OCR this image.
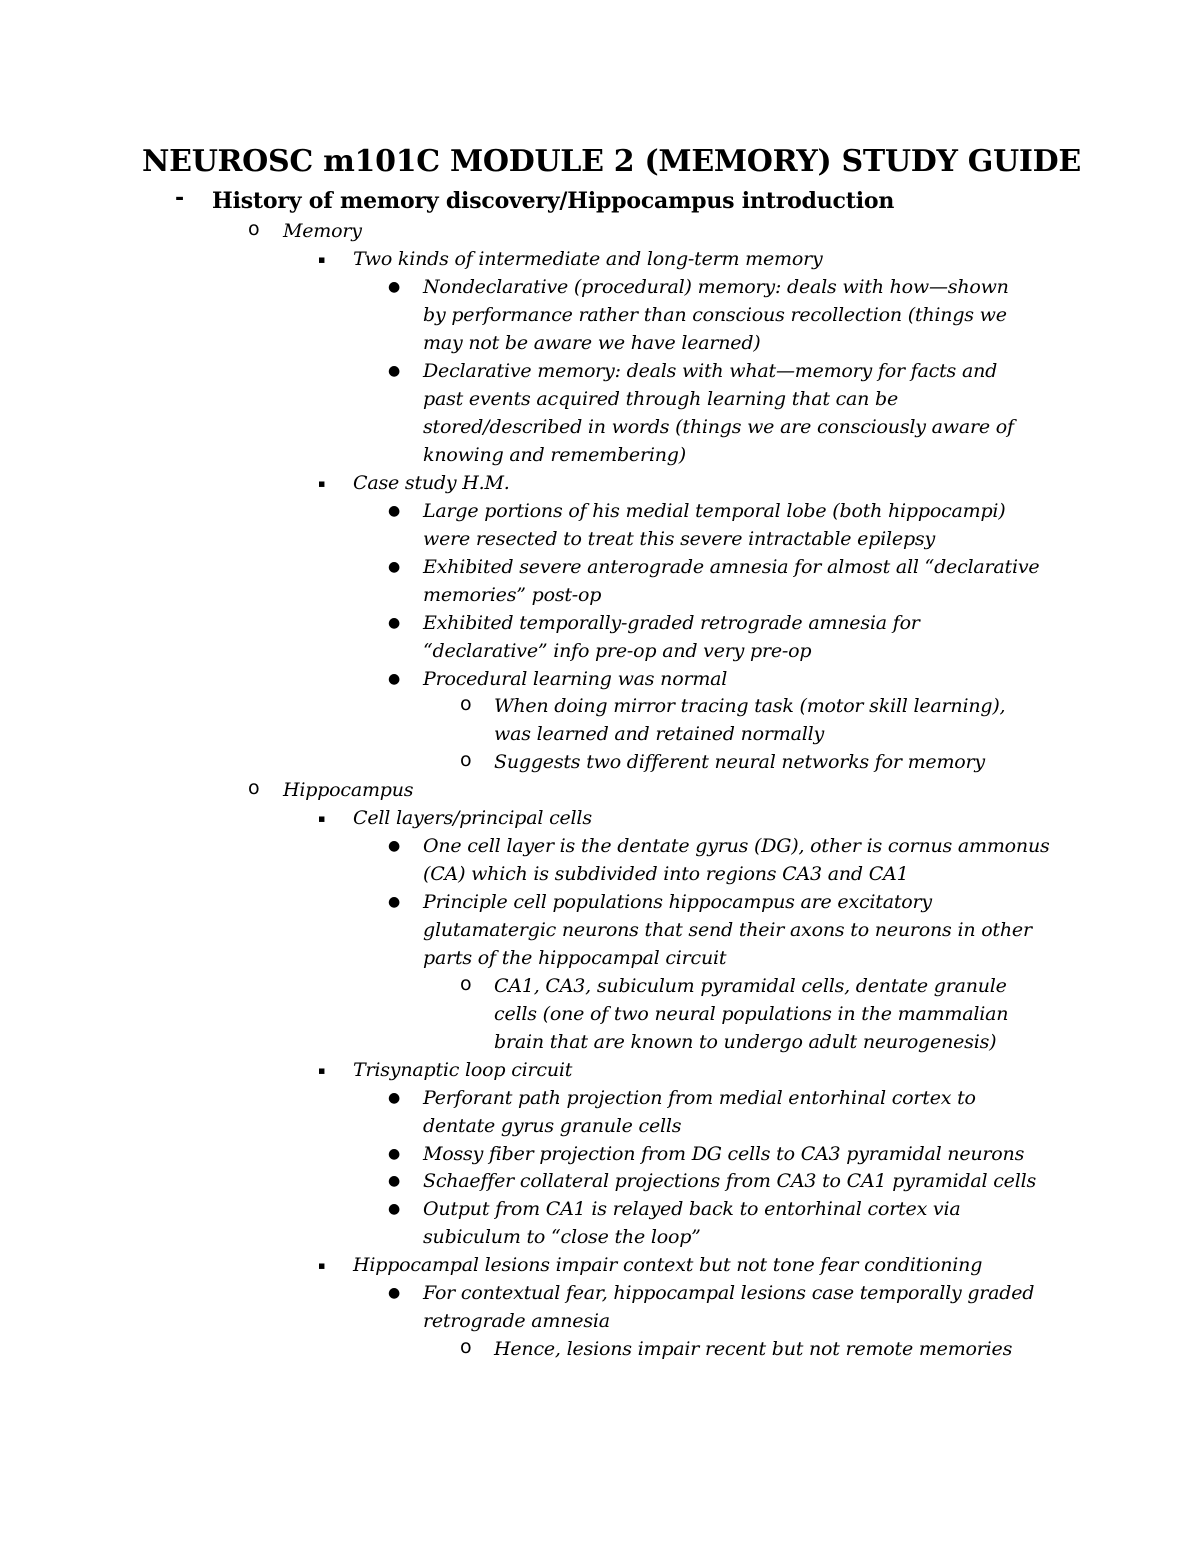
NEUROSC m101C MODULE 2 (MEMORY) STUDY GUIDE
- History of memory discovery/Hippocampus introduction
o Memory
▪ Two kinds of intermediate and long-term memory
● Nondeclarative (procedural) memory: deals with how—shown
by performance rather than conscious recollection (things we
may not be aware we have learned)
● Declarative memory: deals with what—memory for facts and
past events acquired through learning that can be
stored/described in words (things we are consciously aware of
knowing and remembering)
▪ Case study H.M.
● Large portions of his medial temporal lobe (both hippocampi)
were resected to treat this severe intractable epilepsy
● Exhibited severe anterograde amnesia for almost all “declarative
memories” post-op
● Exhibited temporally-graded retrograde amnesia for
“declarative” info pre-op and very pre-op
● Procedural learning was normal
o When doing mirror tracing task (motor skill learning),
was learned and retained normally
o Suggests two different neural networks for memory
o Hippocampus
▪ Cell layers/principal cells
● One cell layer is the dentate gyrus (DG), other is cornus ammonus
(CA) which is subdivided into regions CA3 and CA1
● Principle cell populations hippocampus are excitatory
glutamatergic neurons that send their axons to neurons in other
parts of the hippocampal circuit
o CA1, CA3, subiculum pyramidal cells, dentate granule
cells (one of two neural populations in the mammalian
brain that are known to undergo adult neurogenesis)
▪ Trisynaptic loop circuit
● Perforant path projection from medial entorhinal cortex to
dentate gyrus granule cells
● Mossy fiber projection from DG cells to CA3 pyramidal neurons
● Schaeffer collateral projections from CA3 to CA1 pyramidal cells
● Output from CA1 is relayed back to entorhinal cortex via
subiculum to “close the loop”
▪ Hippocampal lesions impair context but not tone fear conditioning
● For contextual fear, hippocampal lesions case temporally graded
retrograde amnesia
o Hence, lesions impair recent but not remote memories
